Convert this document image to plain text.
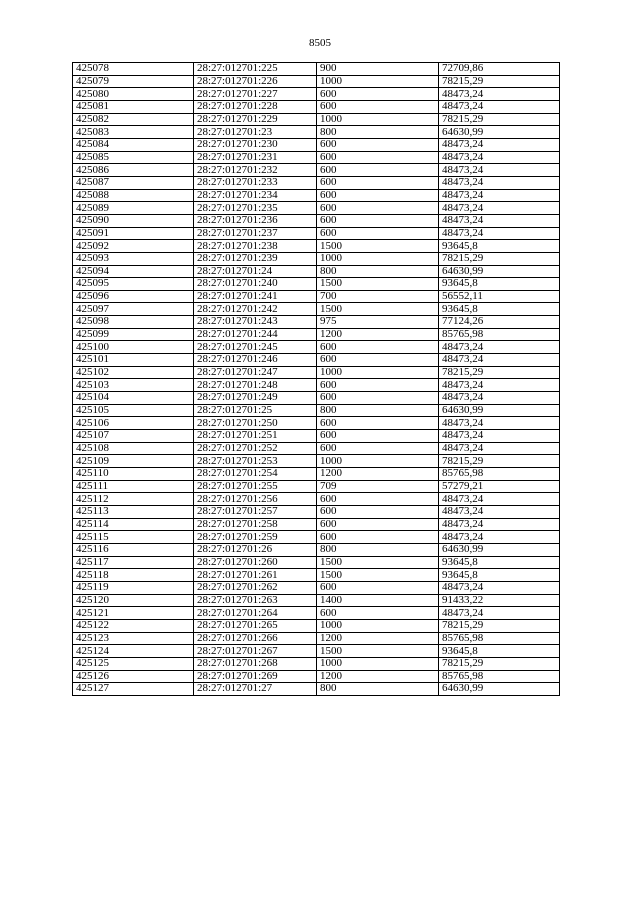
8505
425078	28:27:012701:225	900	72709,86
425079	28:27:012701:226	1000	78215,29
425080	28:27:012701:227	600	48473,24
425081	28:27:012701:228	600	48473,24
425082	28:27:012701:229	1000	78215,29
425083	28:27:012701:23	800	64630,99
425084	28:27:012701:230	600	48473,24
425085	28:27:012701:231	600	48473,24
425086	28:27:012701:232	600	48473,24
425087	28:27:012701:233	600	48473,24
425088	28:27:012701:234	600	48473,24
425089	28:27:012701:235	600	48473,24
425090	28:27:012701:236	600	48473,24
425091	28:27:012701:237	600	48473,24
425092	28:27:012701:238	1500	93645,8
425093	28:27:012701:239	1000	78215,29
425094	28:27:012701:24	800	64630,99
425095	28:27:012701:240	1500	93645,8
425096	28:27:012701:241	700	56552,11
425097	28:27:012701:242	1500	93645,8
425098	28:27:012701:243	975	77124,26
425099	28:27:012701:244	1200	85765,98
425100	28:27:012701:245	600	48473,24
425101	28:27:012701:246	600	48473,24
425102	28:27:012701:247	1000	78215,29
425103	28:27:012701:248	600	48473,24
425104	28:27:012701:249	600	48473,24
425105	28:27:012701:25	800	64630,99
425106	28:27:012701:250	600	48473,24
425107	28:27:012701:251	600	48473,24
425108	28:27:012701:252	600	48473,24
425109	28:27:012701:253	1000	78215,29
425110	28:27:012701:254	1200	85765,98
425111	28:27:012701:255	709	57279,21
425112	28:27:012701:256	600	48473,24
425113	28:27:012701:257	600	48473,24
425114	28:27:012701:258	600	48473,24
425115	28:27:012701:259	600	48473,24
425116	28:27:012701:26	800	64630,99
425117	28:27:012701:260	1500	93645,8
425118	28:27:012701:261	1500	93645,8
425119	28:27:012701:262	600	48473,24
425120	28:27:012701:263	1400	91433,22
425121	28:27:012701:264	600	48473,24
425122	28:27:012701:265	1000	78215,29
425123	28:27:012701:266	1200	85765,98
425124	28:27:012701:267	1500	93645,8
425125	28:27:012701:268	1000	78215,29
425126	28:27:012701:269	1200	85765,98
425127	28:27:012701:27	800	64630,99
